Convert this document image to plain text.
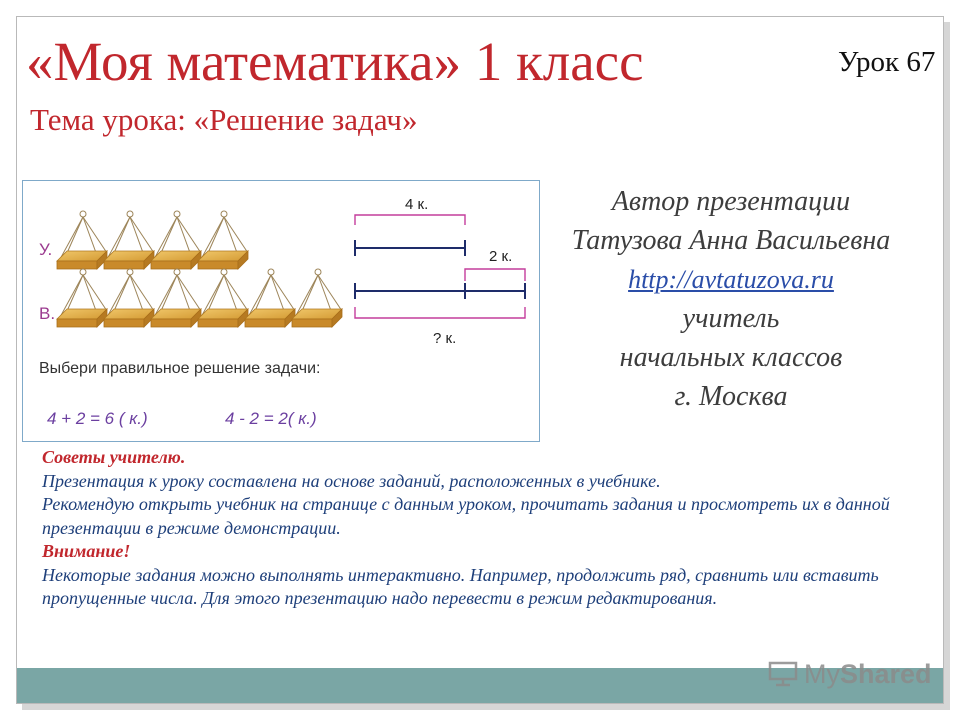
«Моя математика» 1 класс	Урок 67
Тема урока: «Решение задач»
У.
В.
4 к.
2 к.
? к.
Выбери правильное решение задачи:
4 + 2 = 6 ( к.)	4 - 2 = 2( к.)
Автор презентации
Татузова Анна Васильевна
http://avtatuzova.ru
учитель
начальных классов
г. Москва
Советы учителю.
Презентация к уроку составлена на основе заданий, расположенных в учебнике.
Рекомендую открыть учебник на странице с данным уроком, прочитать задания и просмотреть их в данной презентации в режиме демонстрации.
Внимание!
Некоторые задания можно выполнять интерактивно. Например, продолжить ряд, сравнить или вставить пропущенные числа. Для этого презентацию надо перевести в режим редактирования.
My Shared
